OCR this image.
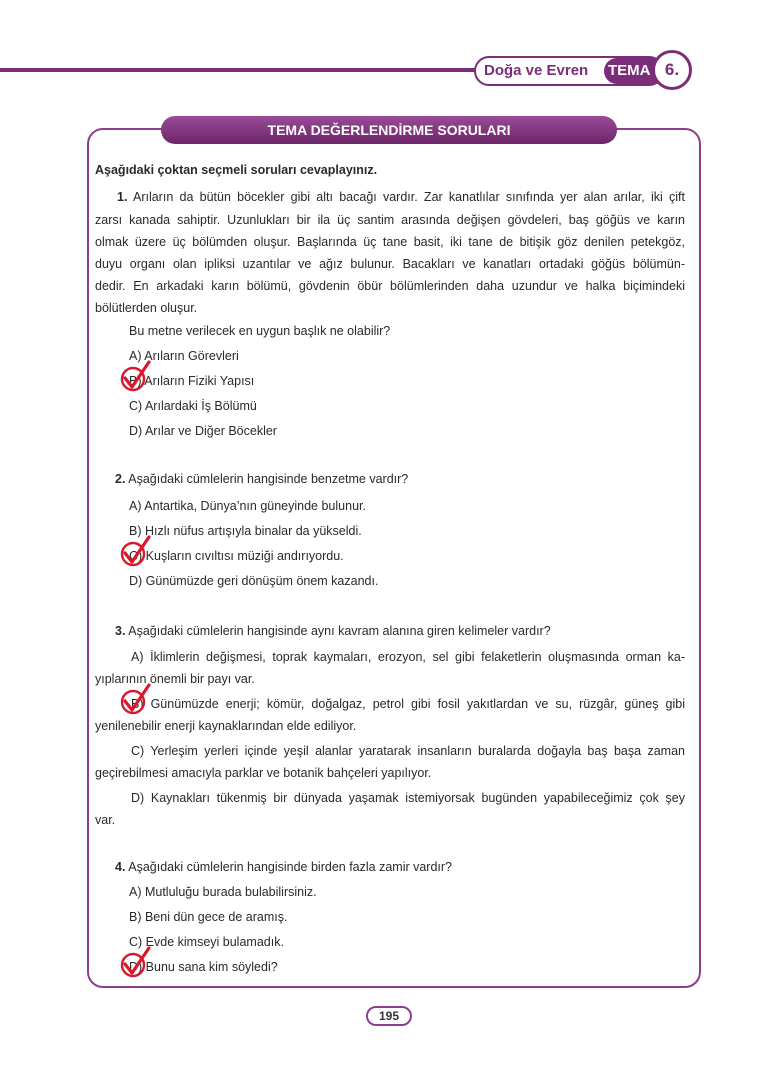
Doğa ve Evren TEMA 6.
TEMA DEĞERLENDİRME SORULARI
Aşağıdaki çoktan seçmeli soruları cevaplayınız.
1. Arıların da bütün böcekler gibi altı bacağı vardır. Zar kanatlılar sınıfında yer alan arılar, iki çift
zarsı kanada sahiptir. Uzunlukları bir ila üç santim arasında değişen gövdeleri, baş göğüs ve karın
olmak üzere üç bölümden oluşur. Başlarında üç tane basit, iki tane de bitişik göz denilen petekgöz,
duyu organı olan ipliksi uzantılar ve ağız bulunur. Bacakları ve kanatları ortadaki göğüs bölümün-
dedir. En arkadaki karın bölümü, gövdenin öbür bölümlerinden daha uzundur ve halka biçimindeki
bölütlerden oluşur.
Bu metne verilecek en uygun başlık ne olabilir?
A) Arıların Görevleri
B) Arıların Fiziki Yapısı
C) Arılardaki İş Bölümü
D) Arılar ve Diğer Böcekler
2. Aşağıdaki cümlelerin hangisinde benzetme vardır?
A) Antartika, Dünya’nın güneyinde bulunur.
B) Hızlı nüfus artışıyla binalar da yükseldi.
C) Kuşların cıvıltısı müziği andırıyordu.
D) Günümüzde geri dönüşüm önem kazandı.
3. Aşağıdaki cümlelerin hangisinde aynı kavram alanına giren kelimeler vardır?
A) İklimlerin değişmesi, toprak kaymaları, erozyon, sel gibi felaketlerin oluşmasında orman ka-
yıplarının önemli bir payı var.
B) Günümüzde enerji; kömür, doğalgaz, petrol gibi fosil yakıtlardan ve su, rüzgâr, güneş gibi
yenilenebilir enerji kaynaklarından elde ediliyor.
C) Yerleşim yerleri içinde yeşil alanlar yaratarak insanların buralarda doğayla baş başa zaman
geçirebilmesi amacıyla parklar ve botanik bahçeleri yapılıyor.
D) Kaynakları tükenmiş bir dünyada yaşamak istemiyorsak bugünden yapabileceğimiz çok şey
var.
4. Aşağıdaki cümlelerin hangisinde birden fazla zamir vardır?
A) Mutluluğu burada bulabilirsiniz.
B) Beni dün gece de aramış.
C) Evde kimseyi bulamadık.
D) Bunu sana kim söyledi?
195
